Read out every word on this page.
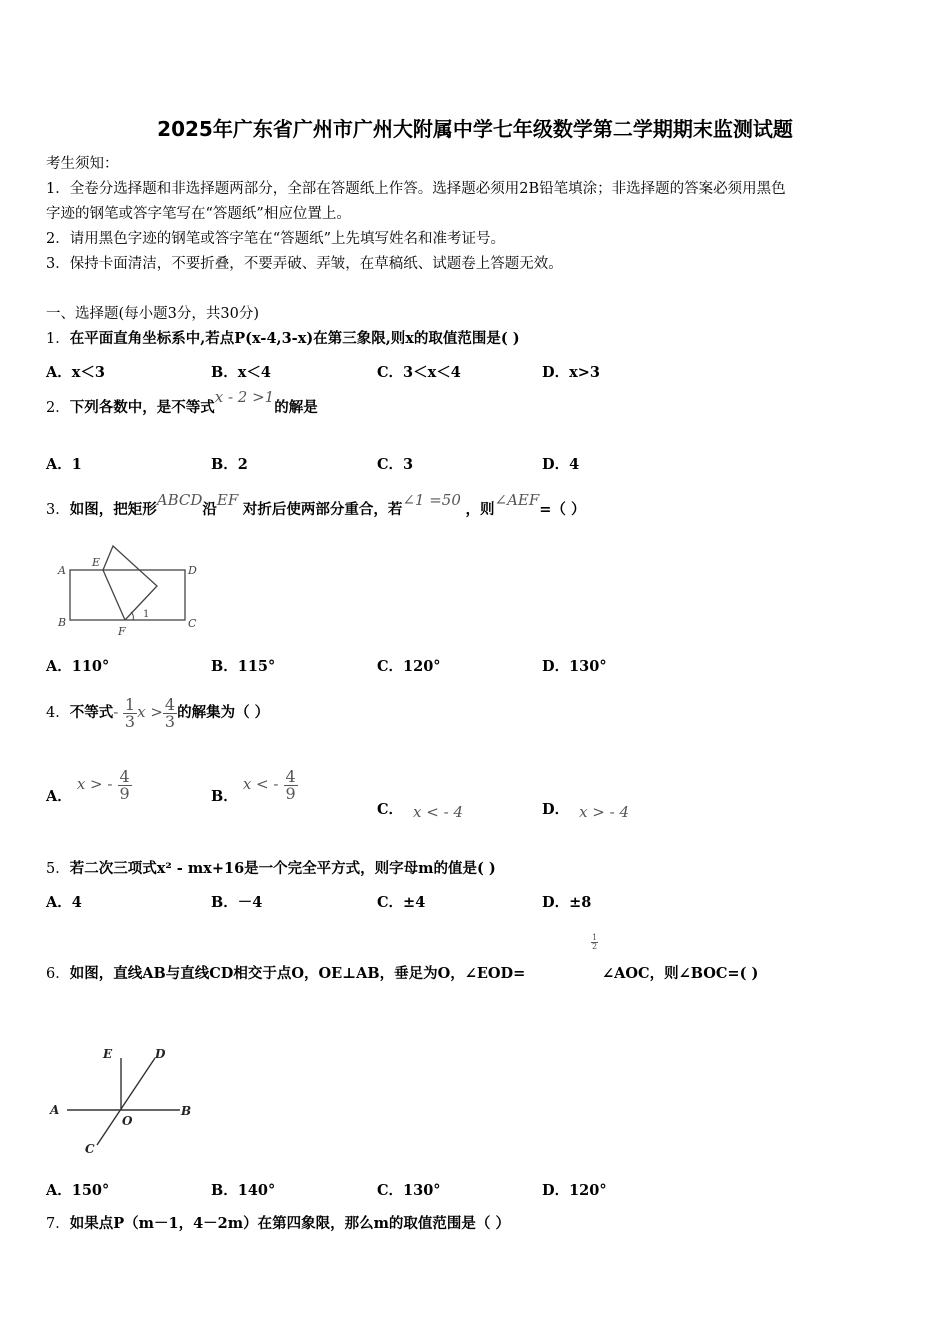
2025年广东省广州市广州大附属中学七年级数学第二学期期末监测试题
考生须知：
1．全卷分选择题和非选择题两部分，全部在答题纸上作答。选择题必须用2B铅笔填涂；非选择题的答案必须用黑色
字迹的钢笔或答字笔写在“答题纸”相应位置上。
2．请用黑色字迹的钢笔或答字笔在“答题纸”上先填写姓名和准考证号。
3．保持卡面清洁，不要折叠，不要弄破、弄皱，在草稿纸、试题卷上答题无效。
一、选择题(每小题3分，共30分)
1．在平面直角坐标系中,若点P(x-4,3-x)在第三象限,则x的取值范围是( )
A．x＜3	B．x＜4	C．3＜x＜4	D．x>3
2．下列各数中，是不等式x - 2 >1的解是
A．1	B．2	C．3	D．4
3．如图，把矩形ABCD沿EF 对折后使两部分重合，若∠1 =50 ，则∠AEF=（ ）
A
E
D
B
F
C
1
A．110°	B．115°	C．120°	D．130°
4．不等式- $\frac{1}{3}$ $x > \frac{4}{3}$ 的解集为（ ）
A． x > - $\frac{4}{9}$	B． x < - $\frac{4}{9}$
C． x < - 4	D． x > - 4
5．若二次三项式x² - mx+16是一个完全平方式，则字母m的值是( )
A．4	B．－4	C．±4	D．±8
6．如图，直线AB与直线CD相交于点O，OE⊥AB，垂足为O，∠EOD=
$\frac{1}{2}$
∠AOC，则∠BOC=( )
E	D
A
O
B
C
A．150°	B．140°	C．130°	D．120°
7．如果点P（m－1，4－2m）在第四象限，那么m的取值范围是（ ）
